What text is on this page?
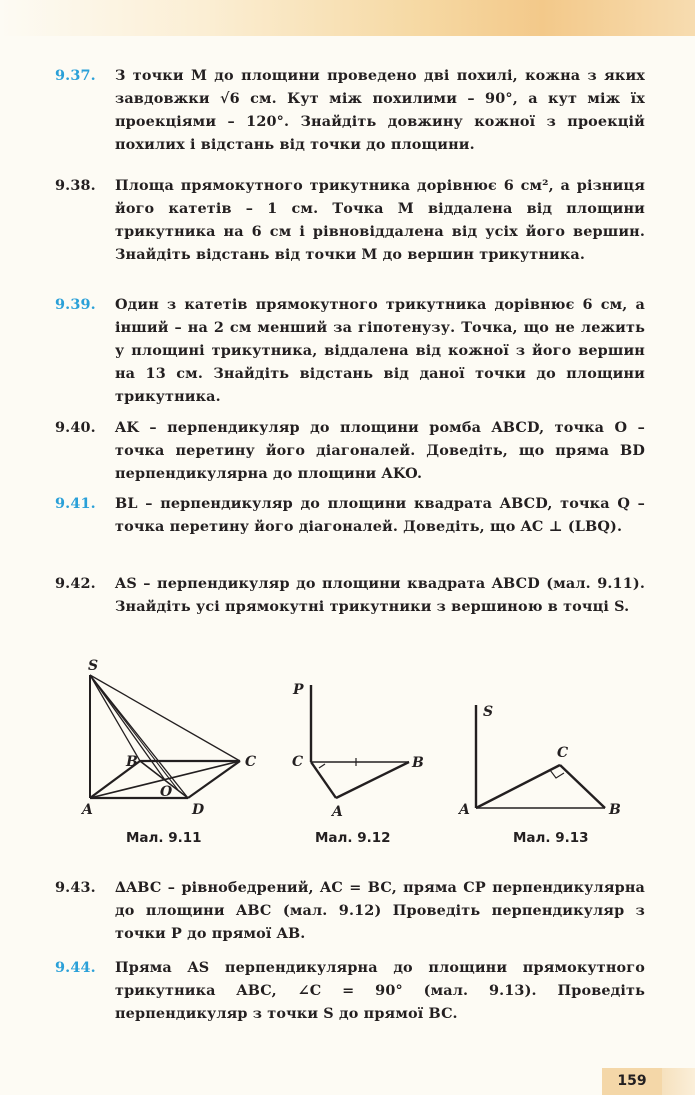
9.37.	З точки M до площини проведено дві похилі, кожна з яких завдовжки √6 см. Кут між похилими – 90°, а кут між їх проекціями – 120°. Знайдіть довжину кожної з проекцій похилих і відстань від точки до площини.
9.38.	Площа прямокутного трикутника дорівнює 6 см², а різниця його катетів – 1 см. Точка M віддалена від площини трикутника на 6 см і рівновіддалена від усіх його вершин. Знайдіть відстань від точки M до вершин трикутника.
9.39.	Один з катетів прямокутного трикутника дорівнює 6 см, а інший – на 2 см менший за гіпотенузу. Точка, що не лежить у площині трикутника, віддалена від кожної з його вершин на 13 см. Знайдіть відстань від даної точки до площини трикутника.
9.40.	AK – перпендикуляр до площини ромба ABCD, точка O – точка перетину його діагоналей. Доведіть, що пряма BD перпендикулярна до площини AKO.
9.41.	BL – перпендикуляр до площини квадрата ABCD, точка Q – точка перетину його діагоналей. Доведіть, що AC ⊥ (LBQ).
9.42.	AS – перпендикуляр до площини квадрата ABCD (мал. 9.11). Знайдіть усі прямокутні трикутники з вершиною в точці S.
S
B	C
A
O
D
Мал. 9.11
P
C	B
A
Мал. 9.12
S
C
A	B
Мал. 9.13
9.43.	∆ABC – рівнобедрений, AC = BC, пряма CP перпендикулярна до площини ABC (мал. 9.12) Проведіть перпендикуляр з точки P до прямої AB.
9.44.	Пряма AS перпендикулярна до площини прямокутного трикутника ABC, ∠C = 90° (мал. 9.13). Проведіть перпендикуляр з точки S до прямої BC.
159
